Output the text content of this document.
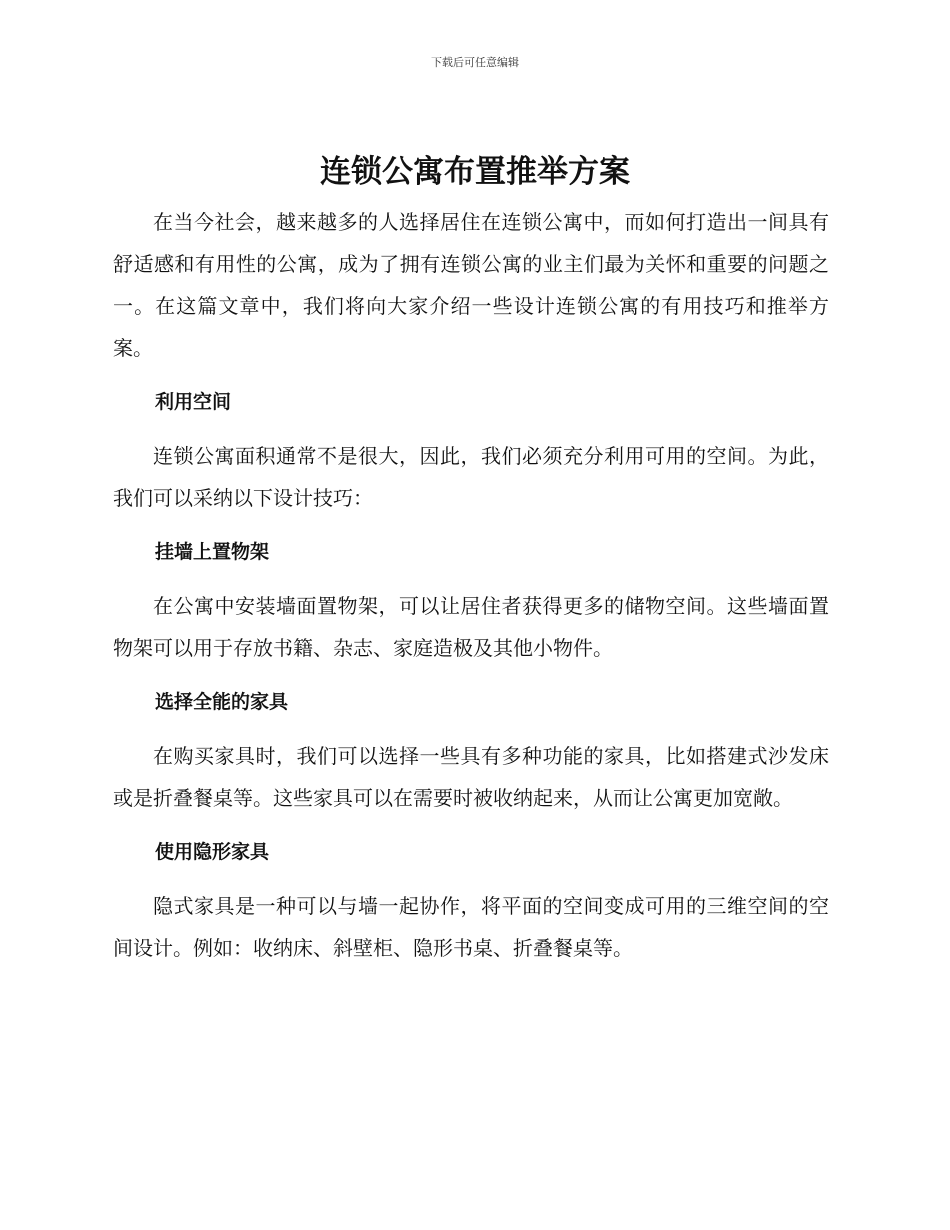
下载后可任意编辑
连锁公寓布置推举方案

在当今社会，越来越多的人选择居住在连锁公寓中，而如何打造出一间具有舒适感和有用性的公寓，成为了拥有连锁公寓的业主们最为关怀和重要的问题之一。在这篇文章中，我们将向大家介绍一些设计连锁公寓的有用技巧和推举方案。

利用空间

连锁公寓面积通常不是很大，因此，我们必须充分利用可用的空间。为此，我们可以采纳以下设计技巧：

挂墙上置物架

在公寓中安装墙面置物架，可以让居住者获得更多的储物空间。这些墙面置物架可以用于存放书籍、杂志、家庭造极及其他小物件。

选择全能的家具

在购买家具时，我们可以选择一些具有多种功能的家具，比如搭建式沙发床或是折叠餐桌等。这些家具可以在需要时被收纳起来，从而让公寓更加宽敞。

使用隐形家具

隐式家具是一种可以与墙一起协作，将平面的空间变成可用的三维空间的空间设计。例如：收纳床、斜壁柜、隐形书桌、折叠餐桌等。
